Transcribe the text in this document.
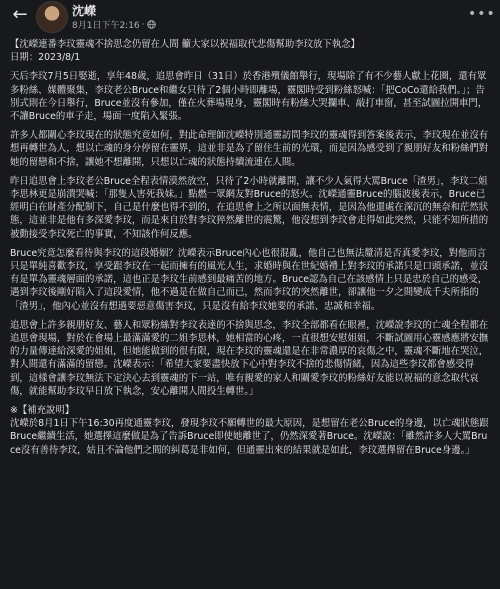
←	沈嶸
8月1日下午2:16 ·
•••

【沈嶸連番李玟靈魂不捨思念仍留在人間 籲大家以祝福取代悲傷幫助李玟放下執念】
日期：2023/8/1

天后李玟7月5日娶逝，享年48歲，追思會昨日（31日）於香港殯儀館舉行，現場除了有不少藝人獻上花圈，還有眾多粉絲、媒體聚集，李玟老公Bruce和繼女只待了2個小時即離場，靈閣時受到粉絲怒喊：「把CoCo還給我們。」；告別式則在今日舉行，Bruce並沒有參加，僅在火葬場現身，靈閣時有粉絲大哭攔車、敲打車窗，甚至試圖拉開車門，不讓Bruce的車子走，場面一度陷入緊張。

許多人都關心李玟現在的狀態究竟如何，對此命理師沈嶸特別通靈訪問李玟的靈魂得到答案後表示，李玟現在並沒有想再轉世為人，想以亡魂的身分停留在靈界，這並非是為了留住生前的光環，而是因為感受到了親朋好友和粉絲們對她的留戀和不捨，讓她不想離開，只想以亡魂的狀態持續流連在人間。

昨日追思會上李玟老公Bruce全程表情漠然放空，只待了2小時就離開，讓不少人氣得大罵Bruce「渣男」，李玟二姐李思林更是崩潰哭喊：「那隻人害死我妹。」點燃一眾網友對Bruce的怒火。沈嶸通靈Bruce的腦波後表示，Bruce已經明白在財產分配制下，自己是什麼也得不到的，在追思會上之所以面無表情，是因為他還處在深沉的無奈和茫然狀態，這並非是他有多深愛李玟，而是來自於對李玟猝然離世的震驚，他沒想到李玟會走得如此突然，只能不知所措的被動接受李玟死亡的事實，不知該作何反應。

Bruce究竟怎麼看待與李玟的這段婚姻？沈嶸表示Bruce內心也很混亂，他自己也無法釐清是否真愛李玟，對他而言只是單純喜歡李玟，享受跟李玟在一起而擁有的風光人生，求婚時與在世紀婚禮上對李玟的承諾只是口頭承諾，並沒有是單為靈魂層面的承諾，這也正是李玟生前感到最痛苦的地方。Bruce認為自己在該感情上只是忠於自己的感受，遇到李玟後剛好陷入了這段愛情，他不過是在做自己而已，然而李玟的突然離世，卻讓他一夕之間變成千夫所指的「渣男」，他內心並沒有想過要惡意傷害李玟，只是沒有給李玟她要的承諾、忠誠和幸福。

追思會上許多親朋好友、藝人和眾粉絲對李玟表達的不捨與思念，李玟全部都看在眼裡，沈嶸說李玟的亡魂全程都在追思會現場，對於在會場上最滿滿愛的二姐李思林，她相當的心疼，一直很想安慰姐姐，不斷試圖用心靈感應將安撫的力量傳達給深愛的姐姐，但她能做到的很有限，現在李玟的靈魂還是在非常濃厚的哀傷之中，靈魂不斷地在哭泣，對人間還有滿滿的留戀。沈嶸表示：「希望大家要盡快放下心中對李玟不捨的悲傷情緒，因為這些李玟都會感受得到，這樣會讓李玟無法下定決心去到靈魂的下一站，唯有親愛的家人和關愛李玟的粉絲好友能以祝福的意念取代哀傷，就能幫助李玟早日放下執念，安心離開人間投生轉世。」

※【補充說明】
沈嶸於8月1日下午16:30再度通靈李玟，發現李玟不願轉世的最大原因，是想留在老公Bruce的身邊，以亡魂狀態跟Bruce繼續生活，她選擇這麼做是為了告訴Bruce即使她離世了，仍然深愛著Bruce。沈嶸說：「雖然許多人大罵Bruce沒有善待李玟，姑且不論他們之間的糾葛是非如何，但通靈出來的結果就是如此，李玟選擇留在Bruce身邊。」
